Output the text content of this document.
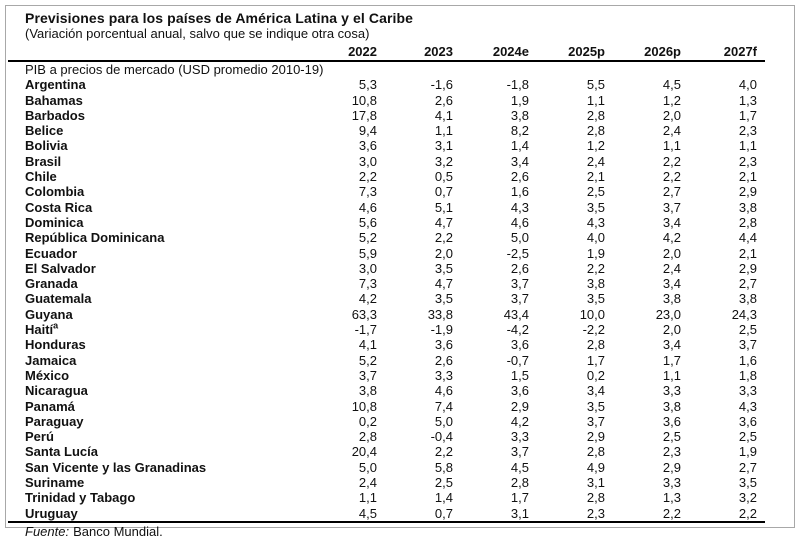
Previsiones para los países de América Latina y el Caribe
(Variación porcentual anual, salvo que se indique otra cosa)
	2022	2023	2024e	2025p	2026p	2027f
PIB a precios de mercado (USD promedio 2010-19)						
Argentina	5,3	-1,6	-1,8	5,5	4,5	4,0
Bahamas	10,8	2,6	1,9	1,1	1,2	1,3
Barbados	17,8	4,1	3,8	2,8	2,0	1,7
Belice	9,4	1,1	8,2	2,8	2,4	2,3
Bolivia	3,6	3,1	1,4	1,2	1,1	1,1
Brasil	3,0	3,2	3,4	2,4	2,2	2,3
Chile	2,2	0,5	2,6	2,1	2,2	2,1
Colombia	7,3	0,7	1,6	2,5	2,7	2,9
Costa Rica	4,6	5,1	4,3	3,5	3,7	3,8
Dominica	5,6	4,7	4,6	4,3	3,4	2,8
República Dominicana	5,2	2,2	5,0	4,0	4,2	4,4
Ecuador	5,9	2,0	-2,5	1,9	2,0	2,1
El Salvador	3,0	3,5	2,6	2,2	2,4	2,9
Granada	7,3	4,7	3,7	3,8	3,4	2,7
Guatemala	4,2	3,5	3,7	3,5	3,8	3,8
Guyana	63,3	33,8	43,4	10,0	23,0	24,3
Haití$^a$	-1,7	-1,9	-4,2	-2,2	2,0	2,5
Honduras	4,1	3,6	3,6	2,8	3,4	3,7
Jamaica	5,2	2,6	-0,7	1,7	1,7	1,6
México	3,7	3,3	1,5	0,2	1,1	1,8
Nicaragua	3,8	4,6	3,6	3,4	3,3	3,3
Panamá	10,8	7,4	2,9	3,5	3,8	4,3
Paraguay	0,2	5,0	4,2	3,7	3,6	3,6
Perú	2,8	-0,4	3,3	2,9	2,5	2,5
Santa Lucía	20,4	2,2	3,7	2,8	2,3	1,9
San Vicente y las Granadinas	5,0	5,8	4,5	4,9	2,9	2,7
Suriname	2,4	2,5	2,8	3,1	3,3	3,5
Trinidad y Tabago	1,1	1,4	1,7	2,8	1,3	3,2
Uruguay	4,5	0,7	3,1	2,3	2,2	2,2
Fuente: Banco Mundial.
